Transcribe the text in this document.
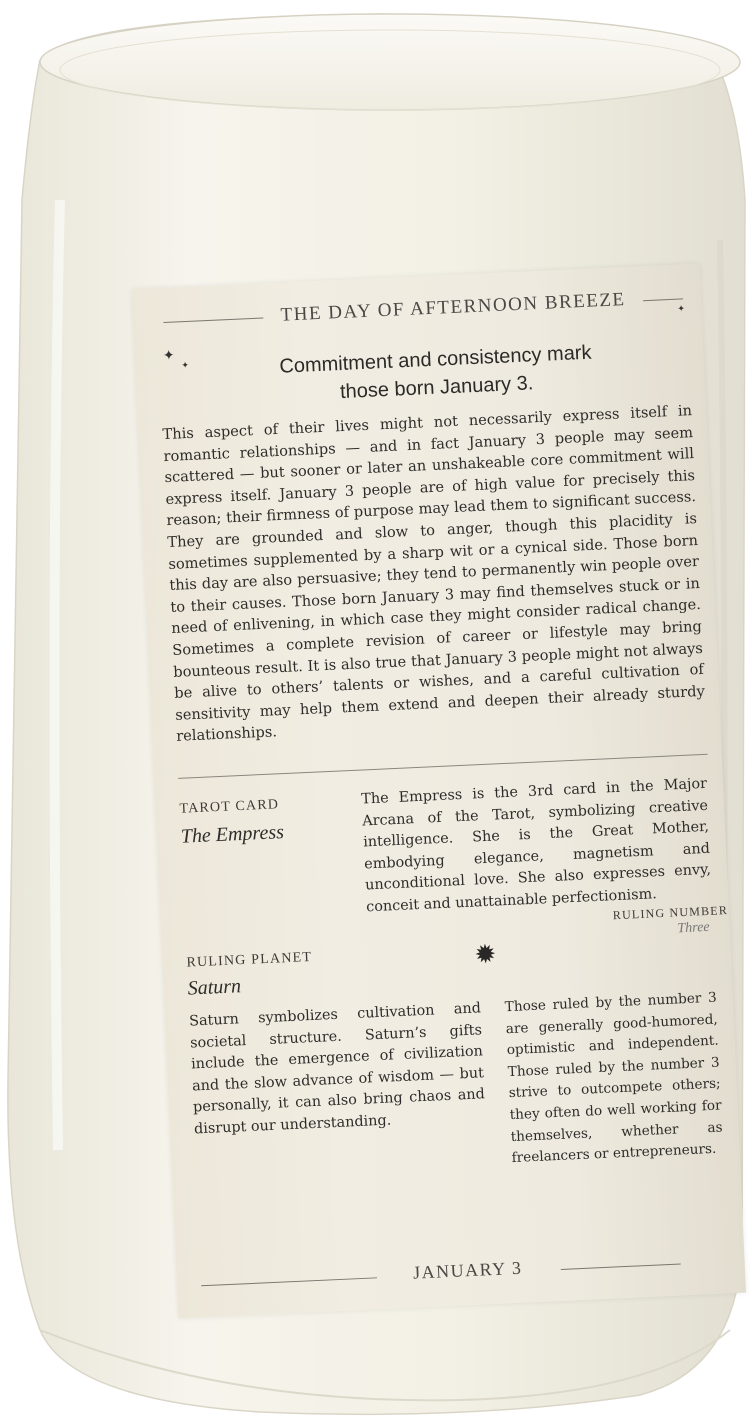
THE DAY OF AFTERNOON BREEZE
✦
✦
✦
Commitment and consistency mark those born January 3.
This aspect of their lives might not necessarily express itself in romantic relationships — and in fact January 3 people may seem scattered — but sooner or later an unshakeable core commitment will express itself. January 3 people are of high value for precisely this reason; their firmness of purpose may lead them to significant success. They are grounded and slow to anger, though this placidity is sometimes supplemented by a sharp wit or a cynical side. Those born this day are also persuasive; they tend to permanently win people over to their causes. Those born January 3 may find themselves stuck or in need of enlivening, in which case they might consider radical change. Sometimes a complete revision of career or lifestyle may bring bounteous result. It is also true that January 3 people might not always be alive to others’ talents or wishes, and a careful cultivation of sensitivity may help them extend and deepen their already sturdy relationships.
TAROT CARD
The Empress
The Empress is the 3rd card in the Major Arcana of the Tarot, symbolizing creative intelligence. She is the Great Mother, embodying elegance, magnetism and unconditional love. She also expresses envy, conceit and unattainable perfectionism.
RULING NUMBER
Three
RULING PLANET
Saturn
✹
Saturn symbolizes cultivation and societal structure. Saturn’s gifts include the emergence of civilization and the slow advance of wisdom — but personally, it can also bring chaos and disrupt our understanding.
Those ruled by the number 3 are generally good-humored, optimistic and independent. Those ruled by the number 3 strive to outcompete others; they often do well working for themselves, whether as freelancers or entrepreneurs.
JANUARY 3
